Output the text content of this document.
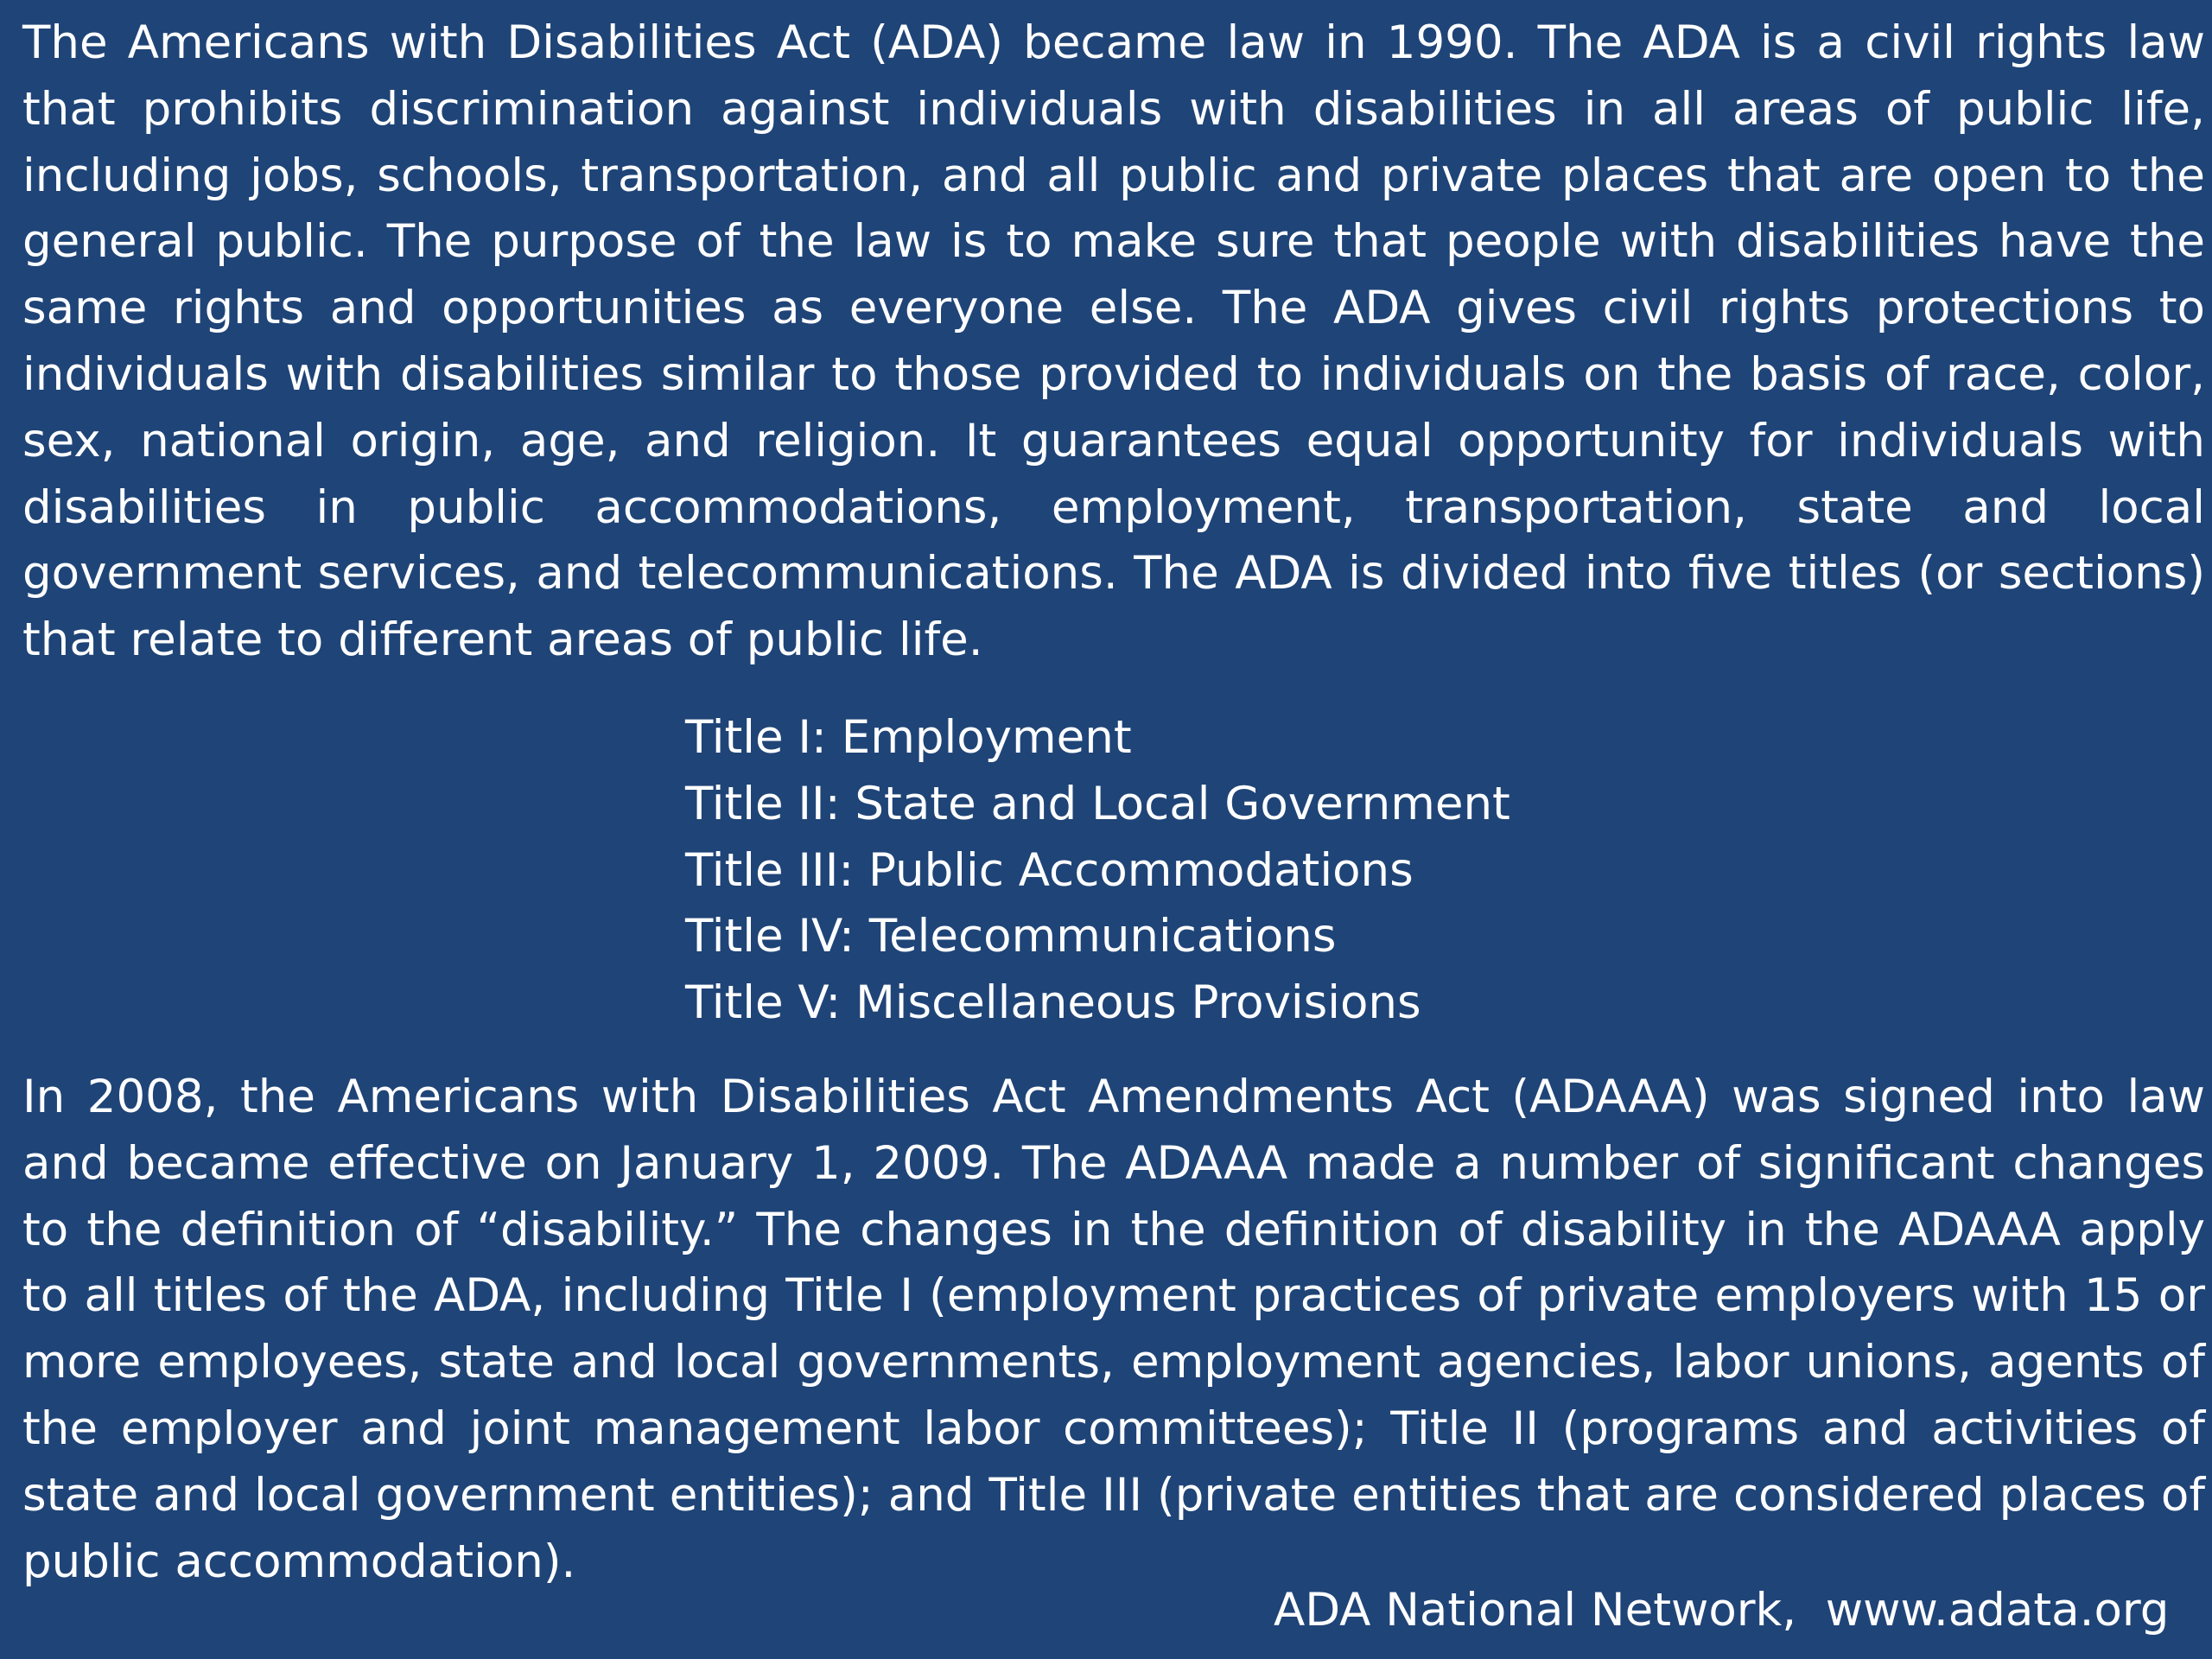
The Americans with Disabilities Act (ADA) became law in 1990. The ADA is a civil rights law that prohibits discrimination against individuals with disabilities in all areas of public life, including jobs, schools, transportation, and all public and private places that are open to the general public. The purpose of the law is to make sure that people with disabilities have the same rights and opportunities as everyone else. The ADA gives civil rights protections to individuals with disabilities similar to those provided to individuals on the basis of race, color, sex, national origin, age, and religion. It guarantees equal opportunity for individuals with disabilities in public accommodations, employment, transportation, state and local government services, and telecommunications. The ADA is divided into five titles (or sections) that relate to different areas of public life.

Title I: Employment
Title II: State and Local Government
Title III: Public Accommodations
Title IV: Telecommunications
Title V: Miscellaneous Provisions

In 2008, the Americans with Disabilities Act Amendments Act (ADAAA) was signed into law and became effective on January 1, 2009. The ADAAA made a number of significant changes to the definition of “disability.” The changes in the definition of disability in the ADAAA apply to all titles of the ADA, including Title I (employment practices of private employers with 15 or more employees, state and local governments, employment agencies, labor unions, agents of the employer and joint management labor committees); Title II (programs and activities of state and local government entities); and Title III (private entities that are considered places of public accommodation).

ADA National Network,  www.adata.org
